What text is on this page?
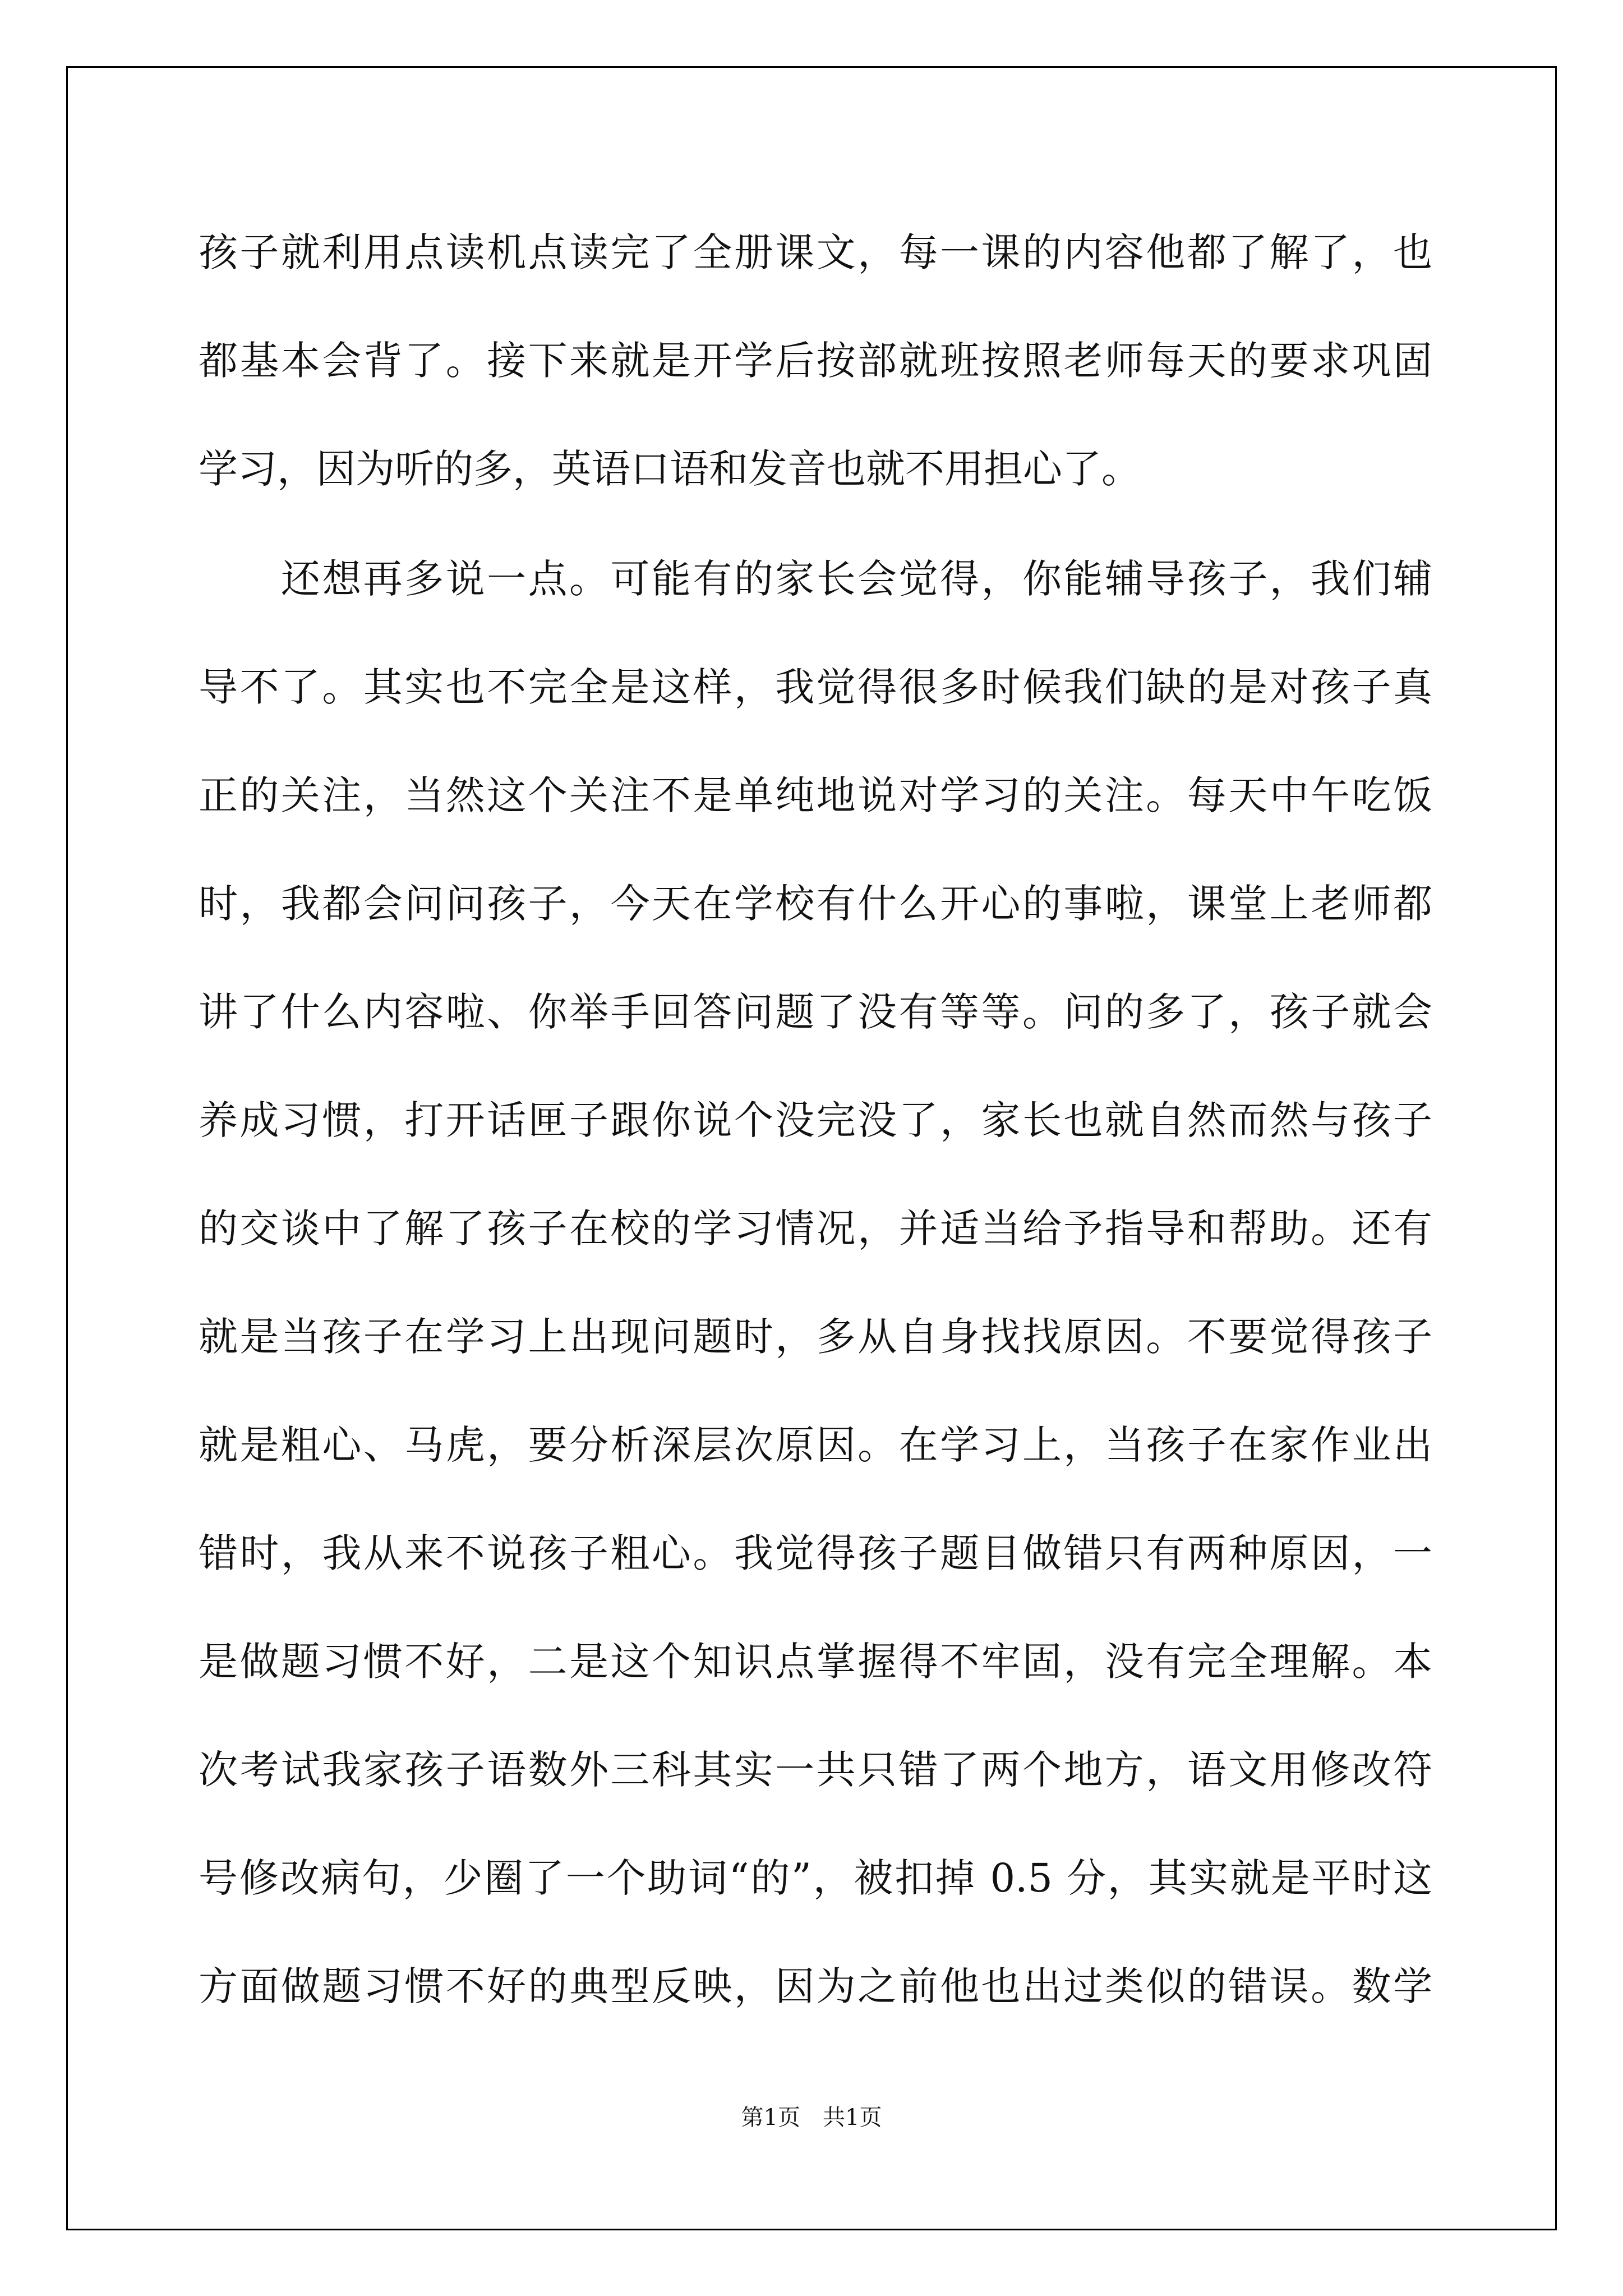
孩子就利用点读机点读完了全册课文，每一课的内容他都了解了，也
都基本会背了。接下来就是开学后按部就班按照老师每天的要求巩固
学习，因为听的多，英语口语和发音也就不用担心了。
　　还想再多说一点。可能有的家长会觉得，你能辅导孩子，我们辅
导不了。其实也不完全是这样，我觉得很多时候我们缺的是对孩子真
正的关注，当然这个关注不是单纯地说对学习的关注。每天中午吃饭
时，我都会问问孩子，今天在学校有什么开心的事啦，课堂上老师都
讲了什么内容啦、你举手回答问题了没有等等。问的多了，孩子就会
养成习惯，打开话匣子跟你说个没完没了，家长也就自然而然与孩子
的交谈中了解了孩子在校的学习情况，并适当给予指导和帮助。还有
就是当孩子在学习上出现问题时，多从自身找找原因。不要觉得孩子
就是粗心、马虎，要分析深层次原因。在学习上，当孩子在家作业出
错时，我从来不说孩子粗心。我觉得孩子题目做错只有两种原因，一
是做题习惯不好，二是这个知识点掌握得不牢固，没有完全理解。本
次考试我家孩子语数外三科其实一共只错了两个地方，语文用修改符
号修改病句，少圈了一个助词“的”，被扣掉 0.5 分，其实就是平时这
方面做题习惯不好的典型反映，因为之前他也出过类似的错误。数学
第1页　共1页
